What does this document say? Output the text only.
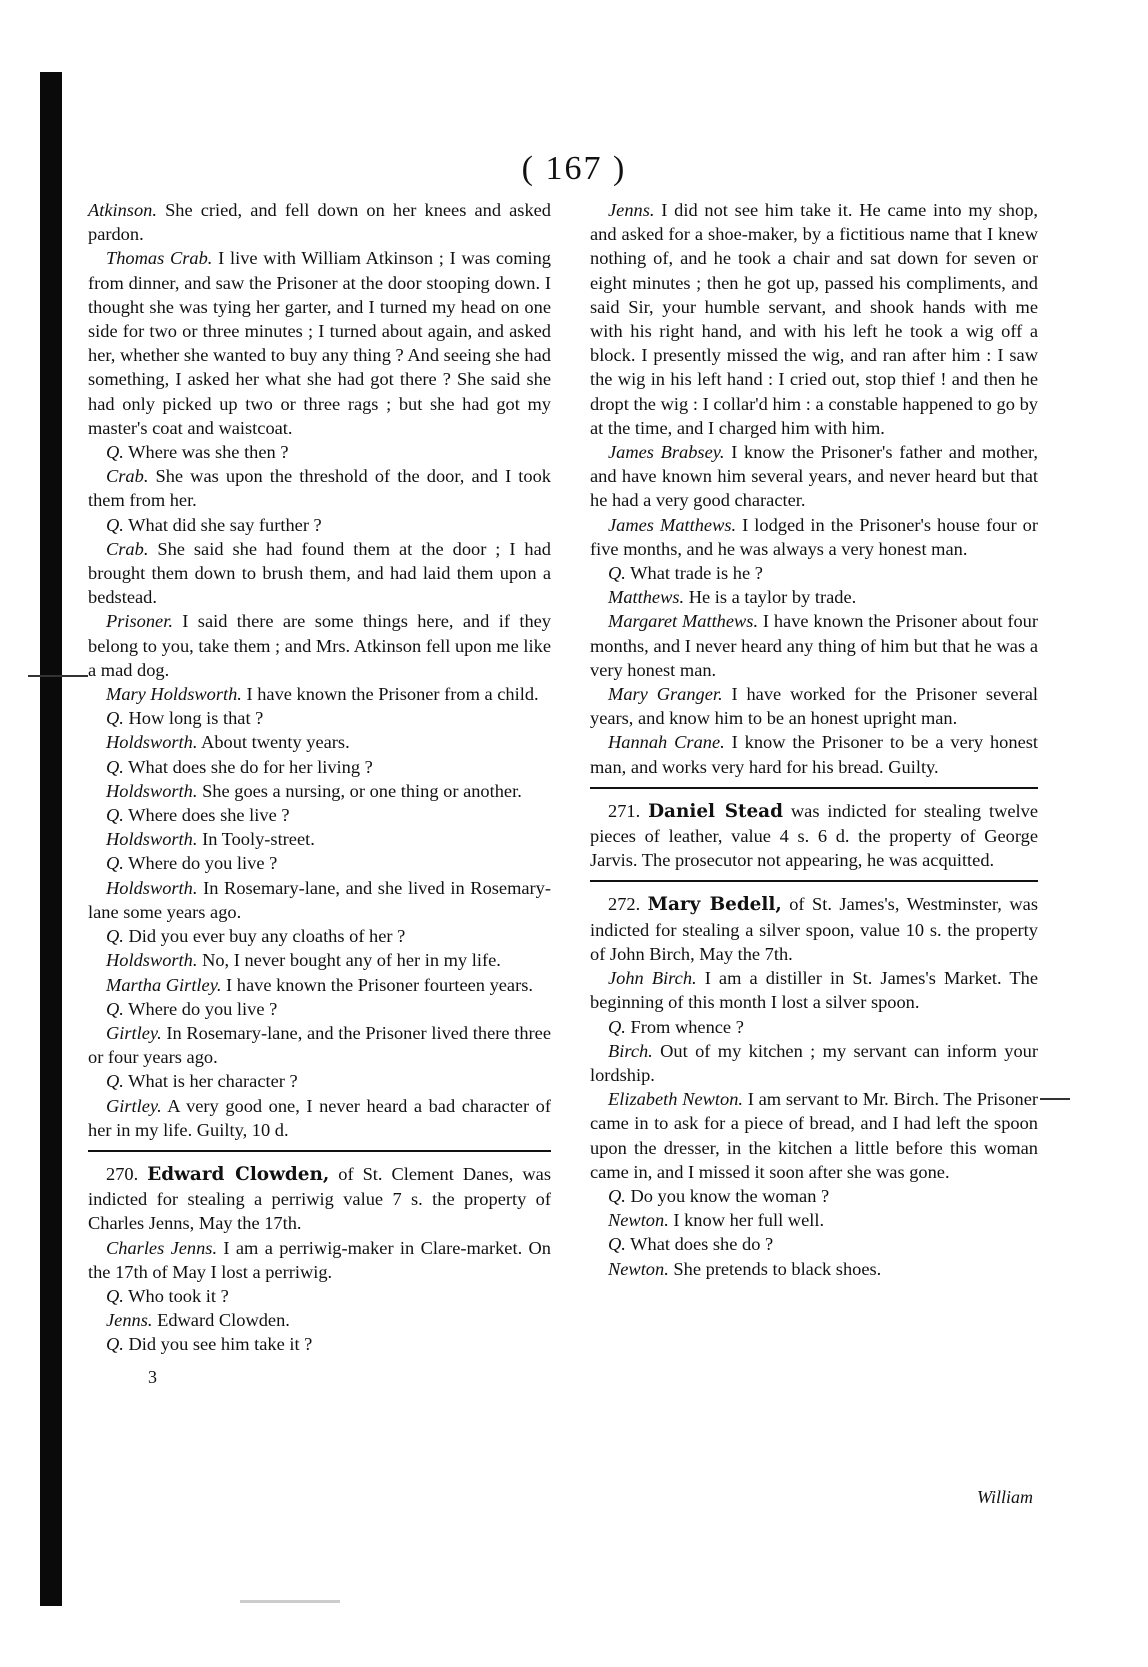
( 167 )

Atkinson. She cried, and fell down on her knees and asked pardon.

Thomas Crab. I live with William Atkinson ; I was coming from dinner, and saw the Prisoner at the door stooping down. I thought she was tying her garter, and I turned my head on one side for two or three minutes ; I turned about again, and asked her, whether she wanted to buy any thing ? And seeing she had something, I asked her what she had got there ? She said she had only picked up two or three rags ; but she had got my master's coat and waistcoat.

Q. Where was she then ?

Crab. She was upon the threshold of the door, and I took them from her.

Q. What did she say further ?

Crab. She said she had found them at the door ; I had brought them down to brush them, and had laid them upon a bedstead.

Prisoner. I said there are some things here, and if they belong to you, take them ; and Mrs. Atkinson fell upon me like a mad dog.

Mary Holdsworth. I have known the Prisoner from a child.

Q. How long is that ?

Holdsworth. About twenty years.

Q. What does she do for her living ?

Holdsworth. She goes a nursing, or one thing or another.

Q. Where does she live ?

Holdsworth. In Tooly-street.

Q. Where do you live ?

Holdsworth. In Rosemary-lane, and she lived in Rosemary-lane some years ago.

Q. Did you ever buy any cloaths of her ?

Holdsworth. No, I never bought any of her in my life.

Martha Girtley. I have known the Prisoner fourteen years.

Q. Where do you live ?

Girtley. In Rosemary-lane, and the Prisoner lived there three or four years ago.

Q. What is her character ?

Girtley. A very good one, I never heard a bad character of her in my life. Guilty, 10 d.

270. Edward Clowden, of St. Clement Danes, was indicted for stealing a perriwig value 7 s. the property of Charles Jenns, May the 17th.

Charles Jenns. I am a perriwig-maker in Clare-market. On the 17th of May I lost a perriwig.

Q. Who took it ?

Jenns. Edward Clowden.

Q. Did you see him take it ?

3

Jenns. I did not see him take it. He came into my shop, and asked for a shoe-maker, by a fictitious name that I knew nothing of, and he took a chair and sat down for seven or eight minutes ; then he got up, passed his compliments, and said Sir, your humble servant, and shook hands with me with his right hand, and with his left he took a wig off a block. I presently missed the wig, and ran after him : I saw the wig in his left hand : I cried out, stop thief ! and then he dropt the wig : I collar'd him : a constable happened to go by at the time, and I charged him with him.

James Brabsey. I know the Prisoner's father and mother, and have known him several years, and never heard but that he had a very good character.

James Matthews. I lodged in the Prisoner's house four or five months, and he was always a very honest man.

Q. What trade is he ?

Matthews. He is a taylor by trade.

Margaret Matthews. I have known the Prisoner about four months, and I never heard any thing of him but that he was a very honest man.

Mary Granger. I have worked for the Prisoner several years, and know him to be an honest upright man.

Hannah Crane. I know the Prisoner to be a very honest man, and works very hard for his bread. Guilty.

271. Daniel Stead was indicted for stealing twelve pieces of leather, value 4 s. 6 d. the property of George Jarvis. The prosecutor not appearing, he was acquitted.

272. Mary Bedell, of St. James's, Westminster, was indicted for stealing a silver spoon, value 10 s. the property of John Birch, May the 7th.

John Birch. I am a distiller in St. James's Market. The beginning of this month I lost a silver spoon.

Q. From whence ?

Birch. Out of my kitchen ; my servant can inform your lordship.

Elizabeth Newton. I am servant to Mr. Birch. The Prisoner came in to ask for a piece of bread, and I had left the spoon upon the dresser, in the kitchen a little before this woman came in, and I missed it soon after she was gone.

Q. Do you know the woman ?

Newton. I know her full well.

Q. What does she do ?

Newton. She pretends to black shoes.

William
